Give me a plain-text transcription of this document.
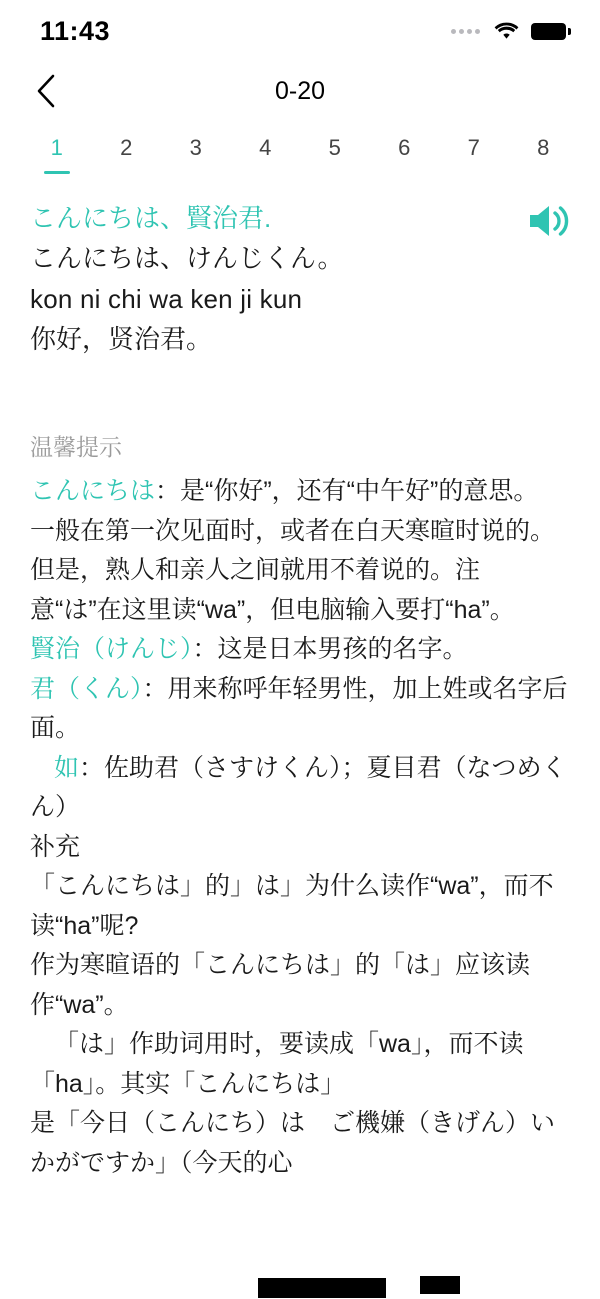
11:43
0-20
1	2	3	4	5	6	7	8
こんにちは、賢治君.
こんにちは、けんじくん。
kon ni chi wa ken ji kun
你好，贤治君。
温馨提示
こんにちは：是“你好”，还有“中午好”的意思。
一般在第一次见面时，或者在白天寒暄时说的。但是，熟人和亲人之间就用不着说的。注意“は”在这里读“wa”，但电脑输入要打“ha”。
賢治（けんじ）：这是日本男孩的名字。
君（くん）：用来称呼年轻男性，加上姓或名字后面。
如：佐助君（さすけくん）；夏目君（なつめくん）
补充
「こんにちは」的」は」为什么读作“wa”，而不读“ha”呢?
作为寒暄语的「こんにちは」的「は」应该读作“wa”。
「は」作助词用时，要读成「wa」，而不读「ha」。其实「こんにちは」
是「今日（こんにち）は　ご機嫌（きげん）いかがですか」（今天的心
